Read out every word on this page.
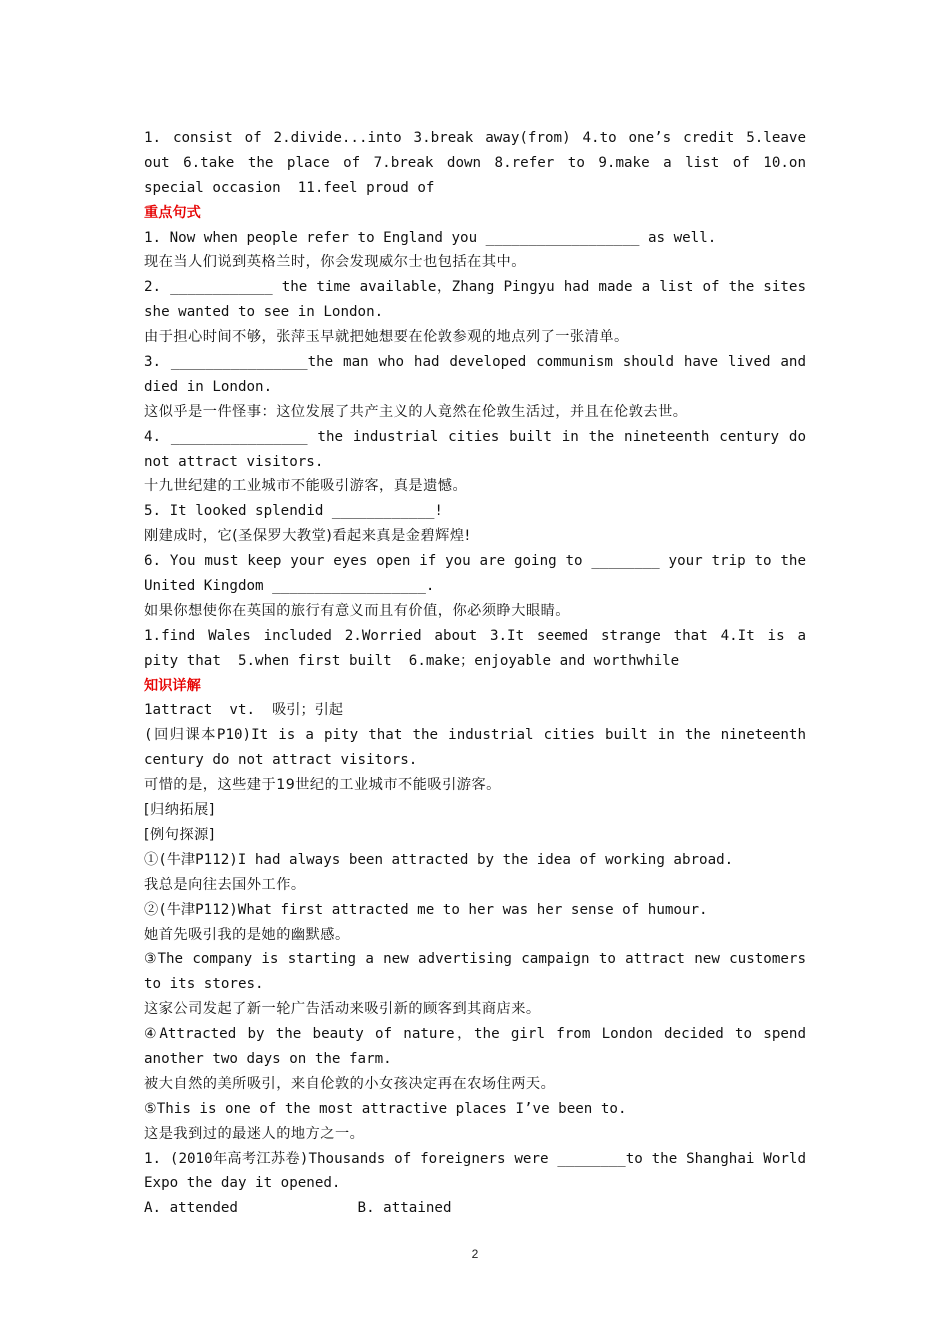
1. consist of 2.divide...into 3.break away(from) 4.to one’s credit 5.leave
out 6.take the place of 7.break down 8.refer to 9.make a list of 10.on
special occasion  11.feel proud of
重点句式
1. Now when people refer to England you __________________ as well.
现在当人们说到英格兰时，你会发现威尔士也包括在其中。
2. ____________ the time available，Zhang Pingyu had made a list of the sites
she wanted to see in London.
由于担心时间不够，张萍玉早就把她想要在伦敦参观的地点列了一张清单。
3. ________________the man who had developed communism should have lived and
died in London.
这似乎是一件怪事：这位发展了共产主义的人竟然在伦敦生活过，并且在伦敦去世。
4. ________________ the industrial cities built in the nineteenth century do
not attract visitors.
十九世纪建的工业城市不能吸引游客，真是遗憾。
5. It looked splendid ____________!
刚建成时，它(圣保罗大教堂)看起来真是金碧辉煌!
6. You must keep your eyes open if you are going to ________ your trip to the
United Kingdom __________________.
如果你想使你在英国的旅行有意义而且有价值，你必须睁大眼睛。
1.find Wales included 2.Worried about 3.It seemed strange that 4.It is a
pity that  5.when first built  6.make；enjoyable and worthwhile
知识详解
1attract  vt.  吸引；引起
(回归课本P10)It is a pity that the industrial cities built in the nineteenth
century do not attract visitors.
可惜的是，这些建于19世纪的工业城市不能吸引游客。
[归纳拓展]
[例句探源]
①(牛津P112)I had always been attracted by the idea of working abroad.
我总是向往去国外工作。
②(牛津P112)What first attracted me to her was her sense of humour.
她首先吸引我的是她的幽默感。
③The company is starting a new advertising campaign to attract new customers
to its stores.
这家公司发起了新一轮广告活动来吸引新的顾客到其商店来。
④Attracted by the beauty of nature，the girl from London decided to spend
another two days on the farm.
被大自然的美所吸引，来自伦敦的小女孩决定再在农场住两天。
⑤This is one of the most attractive places I’ve been to.
这是我到过的最迷人的地方之一。
1. (2010年高考江苏卷)Thousands of foreigners were ________to the Shanghai World
Expo the day it opened.
A. attended              B. attained
2
